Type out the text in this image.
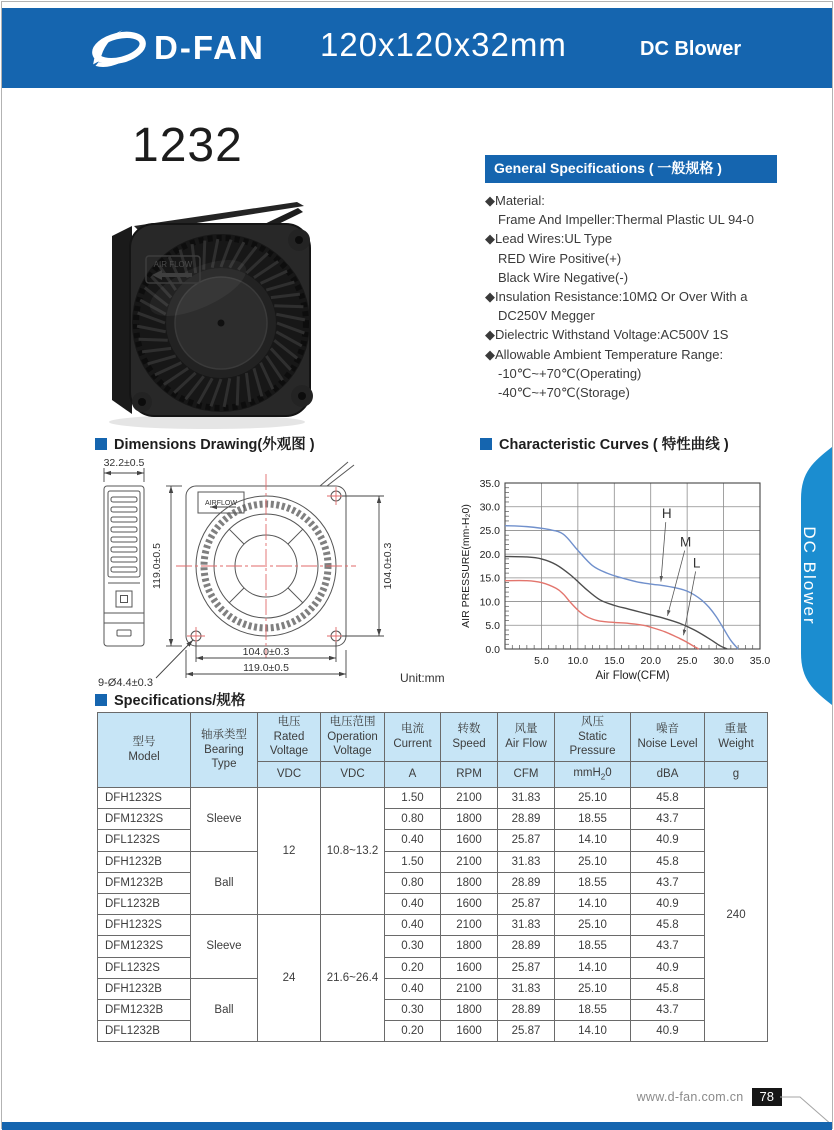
D-FAN 120x120x32mm	DC Blower
1232
AIR FLOW
General Specifications ( 一般规格 )
◆Material:
Frame And Impeller:Thermal Plastic UL 94-0
◆Lead Wires:UL Type
RED Wire Positive(+)
Black Wire Negative(-)
◆Insulation Resistance:10MΩ Or Over With a
DC250V Megger
◆Dielectric Withstand Voltage:AC500V 1S
◆Allowable Ambient Temperature Range:
-10℃~+70℃(Operating)
-40℃~+70℃(Storage)
Dimensions Drawing(外观图 )	Characteristic Curves ( 特性曲线 )
Specifications/规格
32.2±0.5
119.0±0.5	104.0±0.3
104.0±0.3
119.0±0.5
9-Ø4.4±0.3	Unit:mm
AIRFLOW
0.0
5.0
10.0
15.0
20.0
25.0
30.0
35.0
5.0 10.0 15.0 20.0 25.0 30.0 35.0
Air Flow(CFM)
AIR PRESSURE(mm-H₂0)	H
M
L	DC Blower
型号
Model	轴承类型
Bearing
Type	电压
Rated
Voltage	电压范围
Operation
Voltage	电流
Current	转数
Speed	风量
Air Flow	风压
Static
Pressure	噪音
Noise Level	重量
Weight
		VDC	VDC	A	RPM	CFM	mmH$_2$0	dBA	g
DFH1232S	Sleeve	12	10.8~13.2	1.50	2100	31.83	25.10	45.8	240
DFM1232S				0.80	1800	28.89	18.55	43.7	
DFL1232S				0.40	1600	25.87	14.10	40.9	
DFH1232B	Ball			1.50	2100	31.83	25.10	45.8	
DFM1232B				0.80	1800	28.89	18.55	43.7	
DFL1232B				0.40	1600	25.87	14.10	40.9	
DFH1232S	Sleeve	24	21.6~26.4	0.40	2100	31.83	25.10	45.8	
DFM1232S				0.30	1800	28.89	18.55	43.7	
DFL1232S				0.20	1600	25.87	14.10	40.9	
DFH1232B	Ball			0.40	2100	31.83	25.10	45.8	
DFM1232B				0.30	1800	28.89	18.55	43.7	
DFL1232B				0.20	1600	25.87	14.10	40.9	
www.d-fan.com.cn	78
